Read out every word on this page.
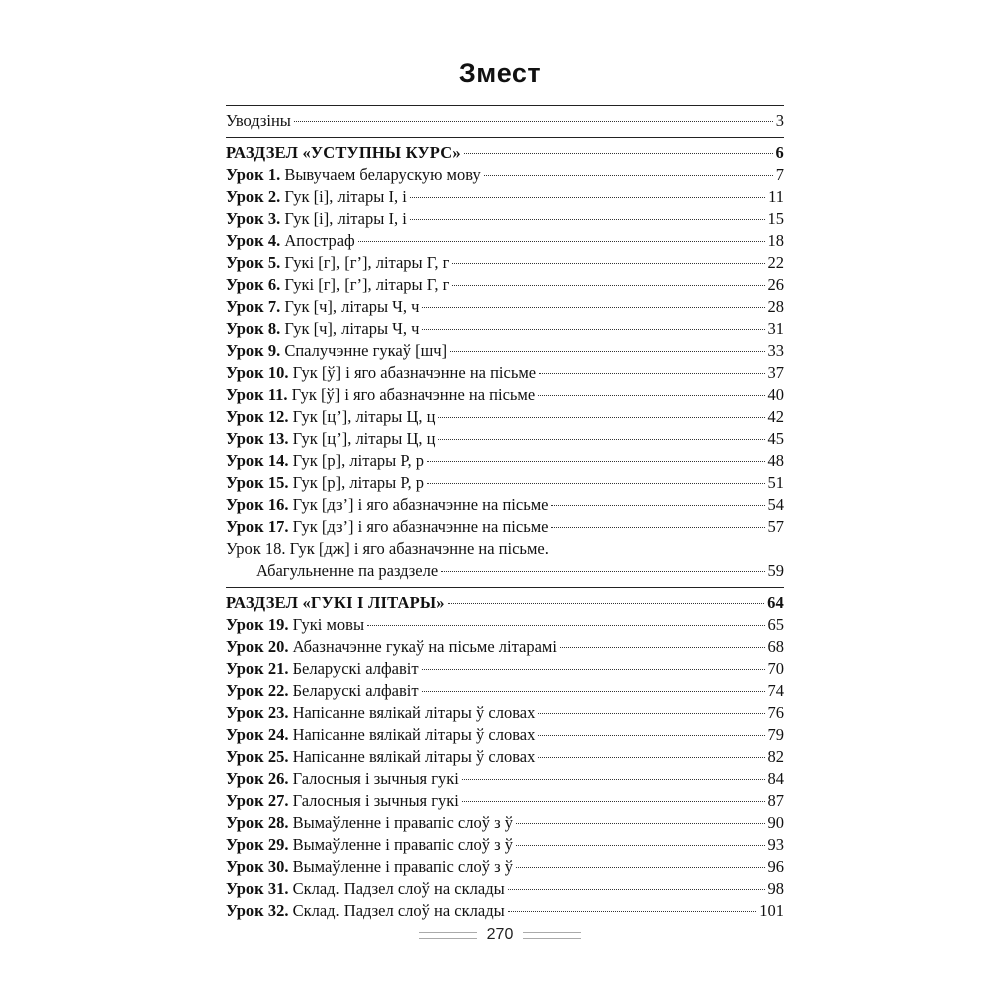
Змест
Уводзіны	3
РАЗДЗЕЛ «УСТУПНЫ КУРС»	6
Урок 1. Вывучаем беларускую мову	7
Урок 2. Гук [і], літары І, і	11
Урок 3. Гук [і], літары І, і	15
Урок 4. Апостраф	18
Урок 5. Гукі [г], [г’], літары Г, г	22
Урок 6. Гукі [г], [г’], літары Г, г	26
Урок 7. Гук [ч], літары Ч, ч	28
Урок 8. Гук [ч], літары Ч, ч	31
Урок 9. Спалучэнне гукаў [шч]	33
Урок 10. Гук [ў] і яго абазначэнне на пісьме	37
Урок 11. Гук [ў] і яго абазначэнне на пісьме	40
Урок 12. Гук [ц’], літары Ц, ц	42
Урок 13. Гук [ц’], літары Ц, ц	45
Урок 14. Гук [р], літары Р, р	48
Урок 15. Гук [р], літары Р, р	51
Урок 16. Гук [дз’] і яго абазначэнне на пісьме	54
Урок 17. Гук [дз’] і яго абазначэнне на пісьме	57
Урок 18. Гук [дж] і яго абазначэнне на пісьме.
Абагульненне па раздзеле	59
РАЗДЗЕЛ «ГУКІ І ЛІТАРЫ»	64
Урок 19. Гукі мовы	65
Урок 20. Абазначэнне гукаў на пісьме літарамі	68
Урок 21. Беларускі алфавіт	70
Урок 22. Беларускі алфавіт	74
Урок 23. Напісанне вялікай літары ў словах	76
Урок 24. Напісанне вялікай літары ў словах	79
Урок 25. Напісанне вялікай літары ў словах	82
Урок 26. Галосныя і зычныя гукі	84
Урок 27. Галосныя і зычныя гукі	87
Урок 28. Вымаўленне і правапіс слоў з ў	90
Урок 29. Вымаўленне і правапіс слоў з ў	93
Урок 30. Вымаўленне і правапіс слоў з ў	96
Урок 31. Склад. Падзел слоў на склады	98
Урок 32. Склад. Падзел слоў на склады	101
270
